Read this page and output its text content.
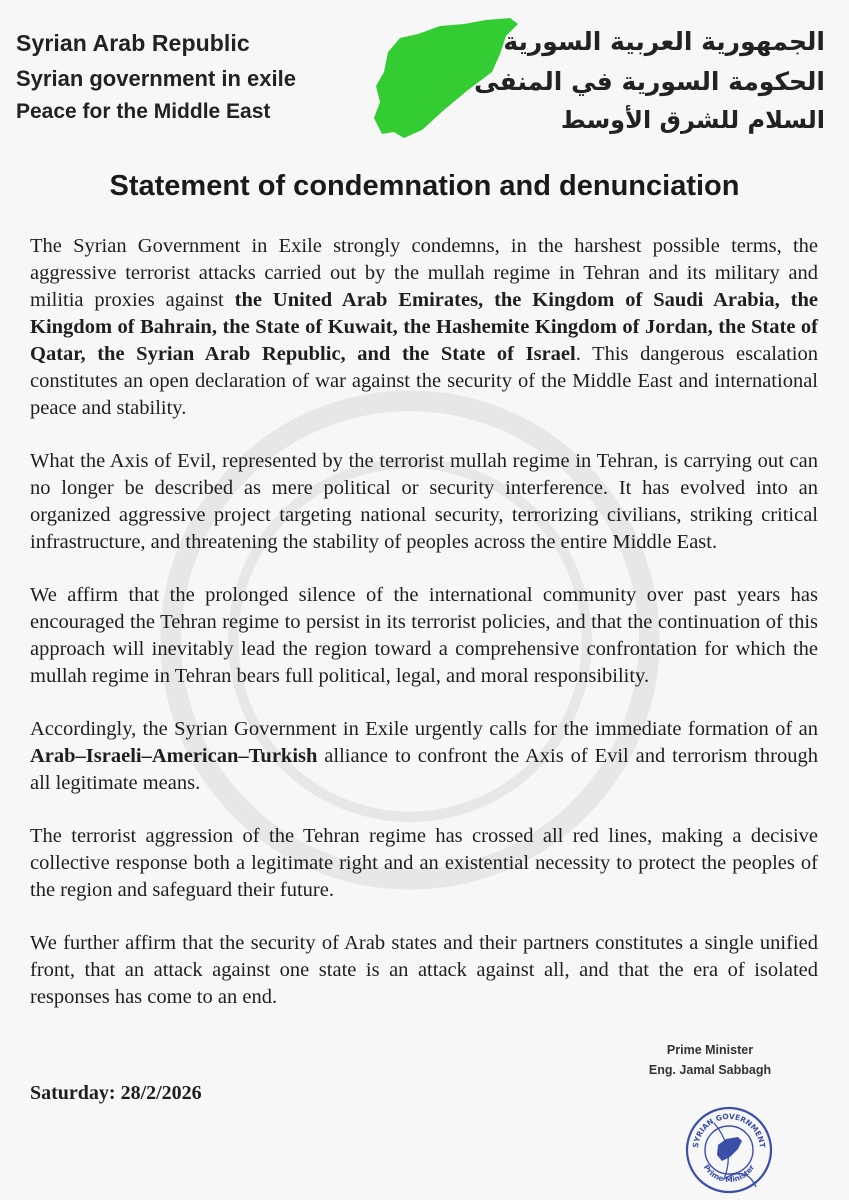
Syrian Arab Republic
Syrian government in exile
Peace for the Middle East
الجمهورية العربية السورية
الحكومة السورية في المنفى
السلام للشرق الأوسط
Statement of condemnation and denunciation

The Syrian Government in Exile strongly condemns, in the harshest possible terms, the aggressive terrorist attacks carried out by the mullah regime in Tehran and its military and militia proxies against the United Arab Emirates, the Kingdom of Saudi Arabia, the Kingdom of Bahrain, the State of Kuwait, the Hashemite Kingdom of Jordan, the State of Qatar, the Syrian Arab Republic, and the State of Israel. This dangerous escalation constitutes an open declaration of war against the security of the Middle East and international peace and stability.

What the Axis of Evil, represented by the terrorist mullah regime in Tehran, is carrying out can no longer be described as mere political or security interference. It has evolved into an organized aggressive project targeting national security, terrorizing civilians, striking critical infrastructure, and threatening the stability of peoples across the entire Middle East.

We affirm that the prolonged silence of the international community over past years has encouraged the Tehran regime to persist in its terrorist policies, and that the continuation of this approach will inevitably lead the region toward a comprehensive confrontation for which the mullah regime in Tehran bears full political, legal, and moral responsibility.

Accordingly, the Syrian Government in Exile urgently calls for the immediate formation of an Arab–Israeli–American–Turkish alliance to confront the Axis of Evil and terrorism through all legitimate means.

The terrorist aggression of the Tehran regime has crossed all red lines, making a decisive collective response both a legitimate right and an existential necessity to protect the peoples of the region and safeguard their future.

We further affirm that the security of Arab states and their partners constitutes a single unified front, that an attack against one state is an attack against all, and that the era of isolated responses has come to an end.

Prime Minister
Eng. Jamal Sabbagh
Saturday: 28/2/2026
SYRIAN GOVERNMENT
Prime Minister
